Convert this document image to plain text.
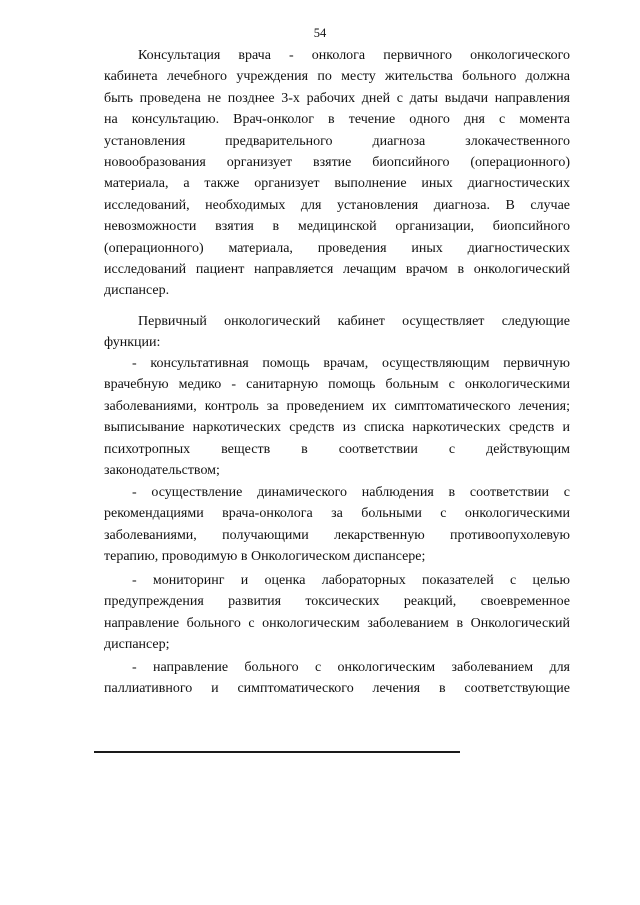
54

Консультация врача - онколога первичного онкологического
кабинета лечебного учреждения по месту жительства больного должна
быть проведена не позднее 3-х рабочих дней с даты выдачи направления
на консультацию. Врач-онколог в течение одного дня с момента
установления предварительного диагноза злокачественного
новообразования организует взятие биопсийного (операционного)
материала, а также организует выполнение иных диагностических
исследований, необходимых для установления диагноза. В случае
невозможности взятия в медицинской организации, биопсийного
(операционного) материала, проведения иных диагностических
исследований пациент направляется лечащим врачом в онкологический
диспансер.
Первичный онкологический кабинет осуществляет следующие
функции:
- консультативная помощь врачам, осуществляющим первичную
врачебную медико - санитарную помощь больным с онкологическими
заболеваниями, контроль за проведением их симптоматического лечения;
выписывание наркотических средств из списка наркотических средств и
психотропных веществ в соответствии с действующим
законодательством;
- осуществление динамического наблюдения в соответствии с
рекомендациями врача-онколога за больными с онкологическими
заболеваниями, получающими лекарственную противоопухолевую
терапию, проводимую в Онкологическом диспансере;
- мониторинг и оценка лабораторных показателей с целью
предупреждения развития токсических реакций, своевременное
направление больного с онкологическим заболеванием в Онкологический
диспансер;
- направление больного с онкологическим заболеванием для
паллиативного и симптоматического лечения в соответствующие
